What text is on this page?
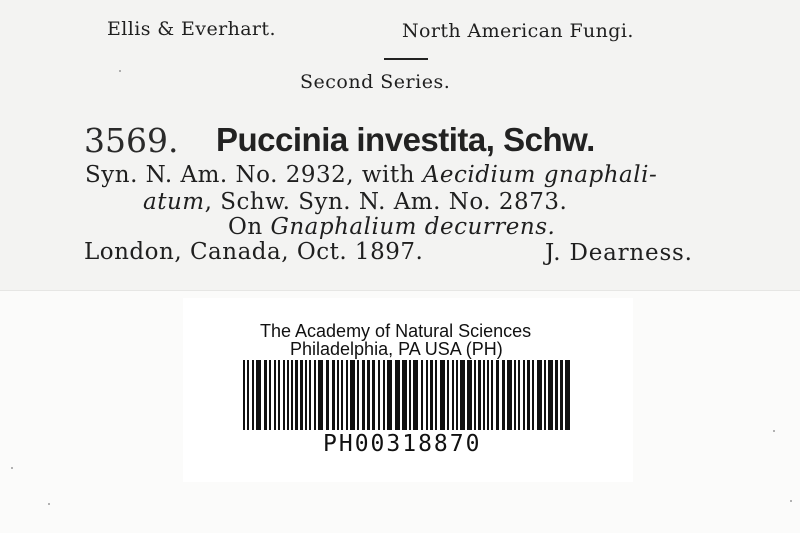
Ellis & Everhart.	North American Fungi.
Second Series.
3569. Puccinia investita, Schw.
Syn. N. Am. No. 2932, with Aecidium gnaphali-
atum, Schw. Syn. N. Am. No. 2873.
On Gnaphalium decurrens.
London, Canada, Oct. 1897.	J. Dearness.
The Academy of Natural Sciences
Philadelphia, PA USA (PH)
PH00318870
